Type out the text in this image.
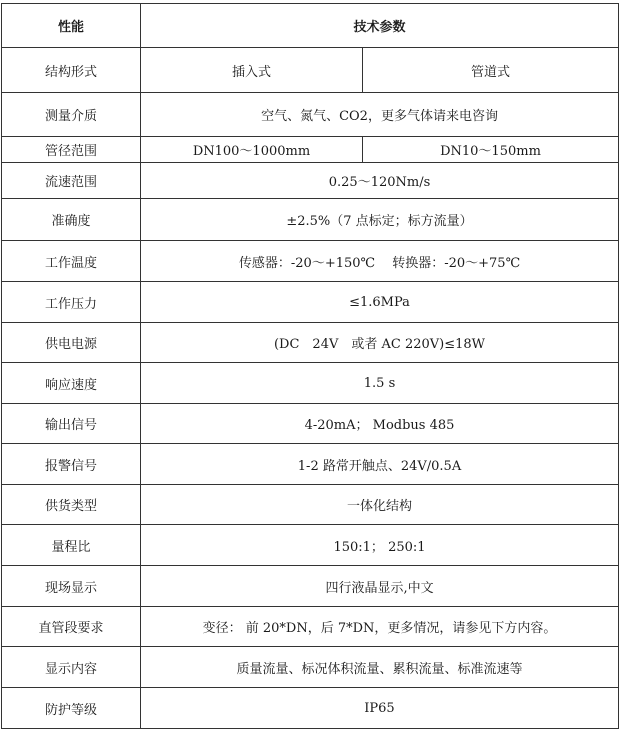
性能	技术参数	
结构形式	插入式	管道式
测量介质	空气、氮气、CO2，更多气体请来电咨询	
管径范围	DN100～1000mm	DN10～150mm
流速范围	0.25～120Nm/s	
准确度	±2.5%（7 点标定；标方流量）	
工作温度	传感器：-20～+150℃　 转换器：-20～+75℃	
工作压力	≤1.6MPa	
供电电源	(DC　24V　或者 AC 220V)≤18W	
响应速度	1.5 s	
输出信号	4-20mA； Modbus 485	
报警信号	1-2 路常开触点、24V/0.5A	
供货类型	一体化结构	
量程比	150:1； 250:1	
现场显示	四行液晶显示,中文	
直管段要求	变径： 前 20*DN，后 7*DN，更多情况，请参见下方内容。	
显示内容	质量流量、标况体积流量、累积流量、标准流速等	
防护等级	IP65	
